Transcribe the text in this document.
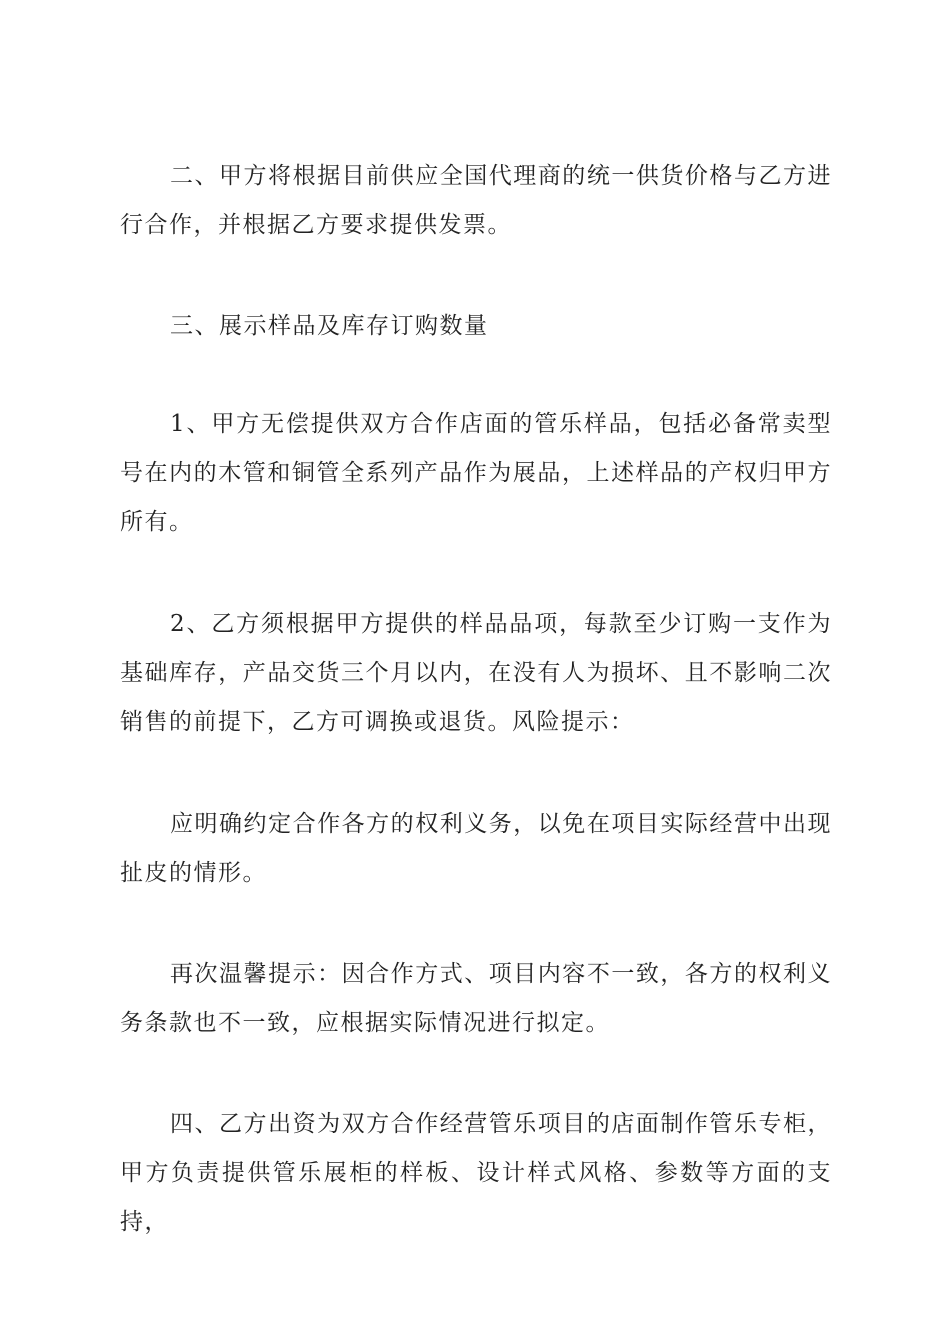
二、甲方将根据目前供应全国代理商的统一供货价格与乙方进行合作，并根据乙方要求提供发票。

三、展示样品及库存订购数量

1、甲方无偿提供双方合作店面的管乐样品，包括必备常卖型号在内的木管和铜管全系列产品作为展品，上述样品的产权归甲方所有。

2、乙方须根据甲方提供的样品品项，每款至少订购一支作为基础库存，产品交货三个月以内，在没有人为损坏、且不影响二次销售的前提下，乙方可调换或退货。风险提示：

应明确约定合作各方的权利义务，以免在项目实际经营中出现扯皮的情形。

再次温馨提示：因合作方式、项目内容不一致，各方的权利义务条款也不一致，应根据实际情况进行拟定。

四、乙方出资为双方合作经营管乐项目的店面制作管乐专柜，甲方负责提供管乐展柜的样板、设计样式风格、参数等方面的支持，
